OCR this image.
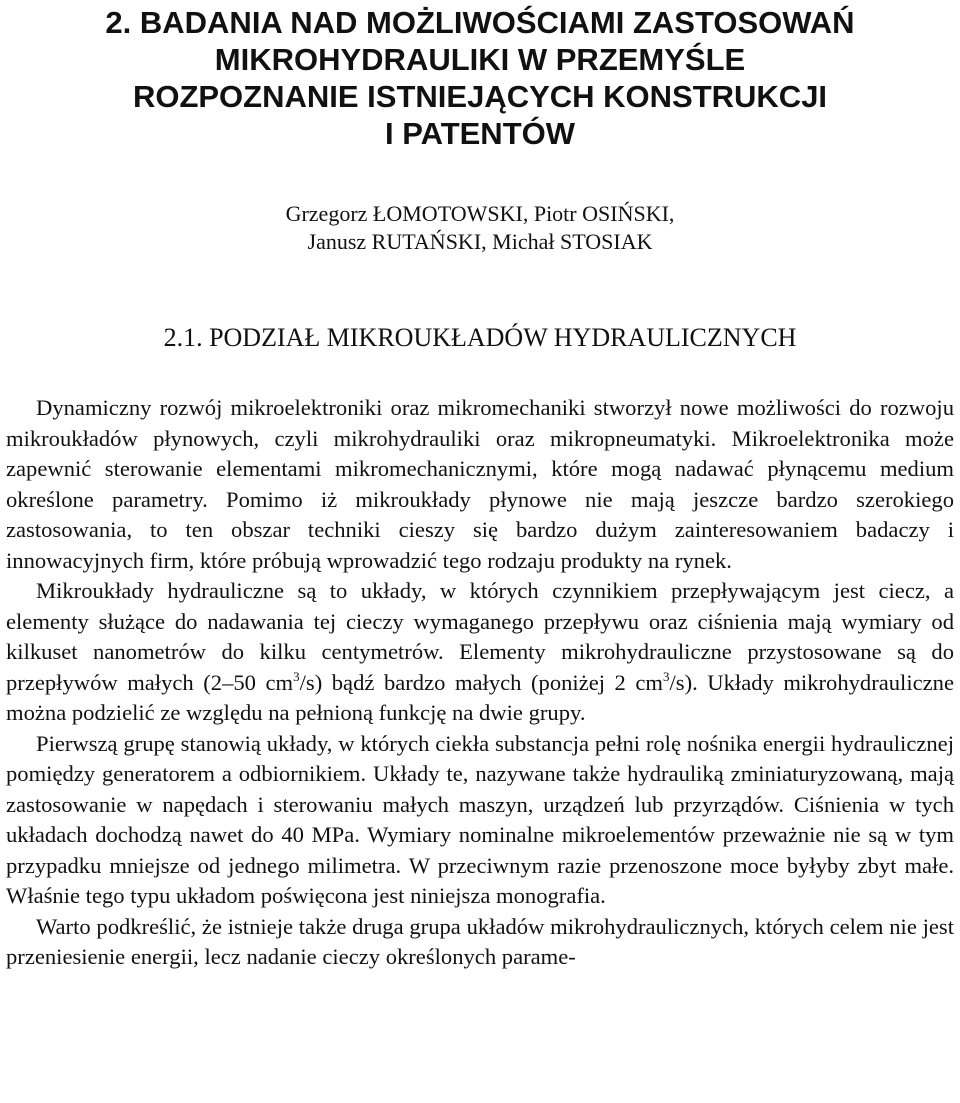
2. BADANIA NAD MOŻLIWOŚCIAMI ZASTOSOWAŃ
MIKROHYDRAULIKI W PRZEMYŚLE
ROZPOZNANIE ISTNIEJĄCYCH KONSTRUKCJI
I PATENTÓW
Grzegorz ŁOMOTOWSKI, Piotr OSIŃSKI,
Janusz RUTAŃSKI, Michał STOSIAK
2.1. PODZIAŁ MIKROUKŁADÓW HYDRAULICZNYCH

Dynamiczny rozwój mikroelektroniki oraz mikromechaniki stworzył nowe możliwości do rozwoju mikroukładów płynowych, czyli mikrohydrauliki oraz mikropneumatyki. Mikroelektronika może zapewnić sterowanie elementami mikromechanicznymi, które mogą nadawać płynącemu medium określone parametry. Pomimo iż mikroukłady płynowe nie mają jeszcze bardzo szerokiego zastosowania, to ten obszar techniki cieszy się bardzo dużym zainteresowaniem badaczy i innowacyjnych firm, które próbują wprowadzić tego rodzaju produkty na rynek.

Mikroukłady hydrauliczne są to układy, w których czynnikiem przepływającym jest ciecz, a elementy służące do nadawania tej cieczy wymaganego przepływu oraz ciśnienia mają wymiary od kilkuset nanometrów do kilku centymetrów. Elementy mikrohydrauliczne przystosowane są do przepływów małych (2–50 $cm^3/s$) bądź bardzo małych (poniżej 2 $cm^3/s$). Układy mikrohydrauliczne można podzielić ze względu na pełnioną funkcję na dwie grupy.

Pierwszą grupę stanowią układy, w których ciekła substancja pełni rolę nośnika energii hydraulicznej pomiędzy generatorem a odbiornikiem. Układy te, nazywane także hydrauliką zminiaturyzowaną, mają zastosowanie w napędach i sterowaniu małych maszyn, urządzeń lub przyrządów. Ciśnienia w tych układach dochodzą nawet do 40 MPa. Wymiary nominalne mikroelementów przeważnie nie są w tym przypadku mniejsze od jednego milimetra. W przeciwnym razie przenoszone moce byłyby zbyt małe. Właśnie tego typu układom poświęcona jest niniejsza monografia.

Warto podkreślić, że istnieje także druga grupa układów mikrohydraulicznych, których celem nie jest przeniesienie energii, lecz nadanie cieczy określonych parame-
